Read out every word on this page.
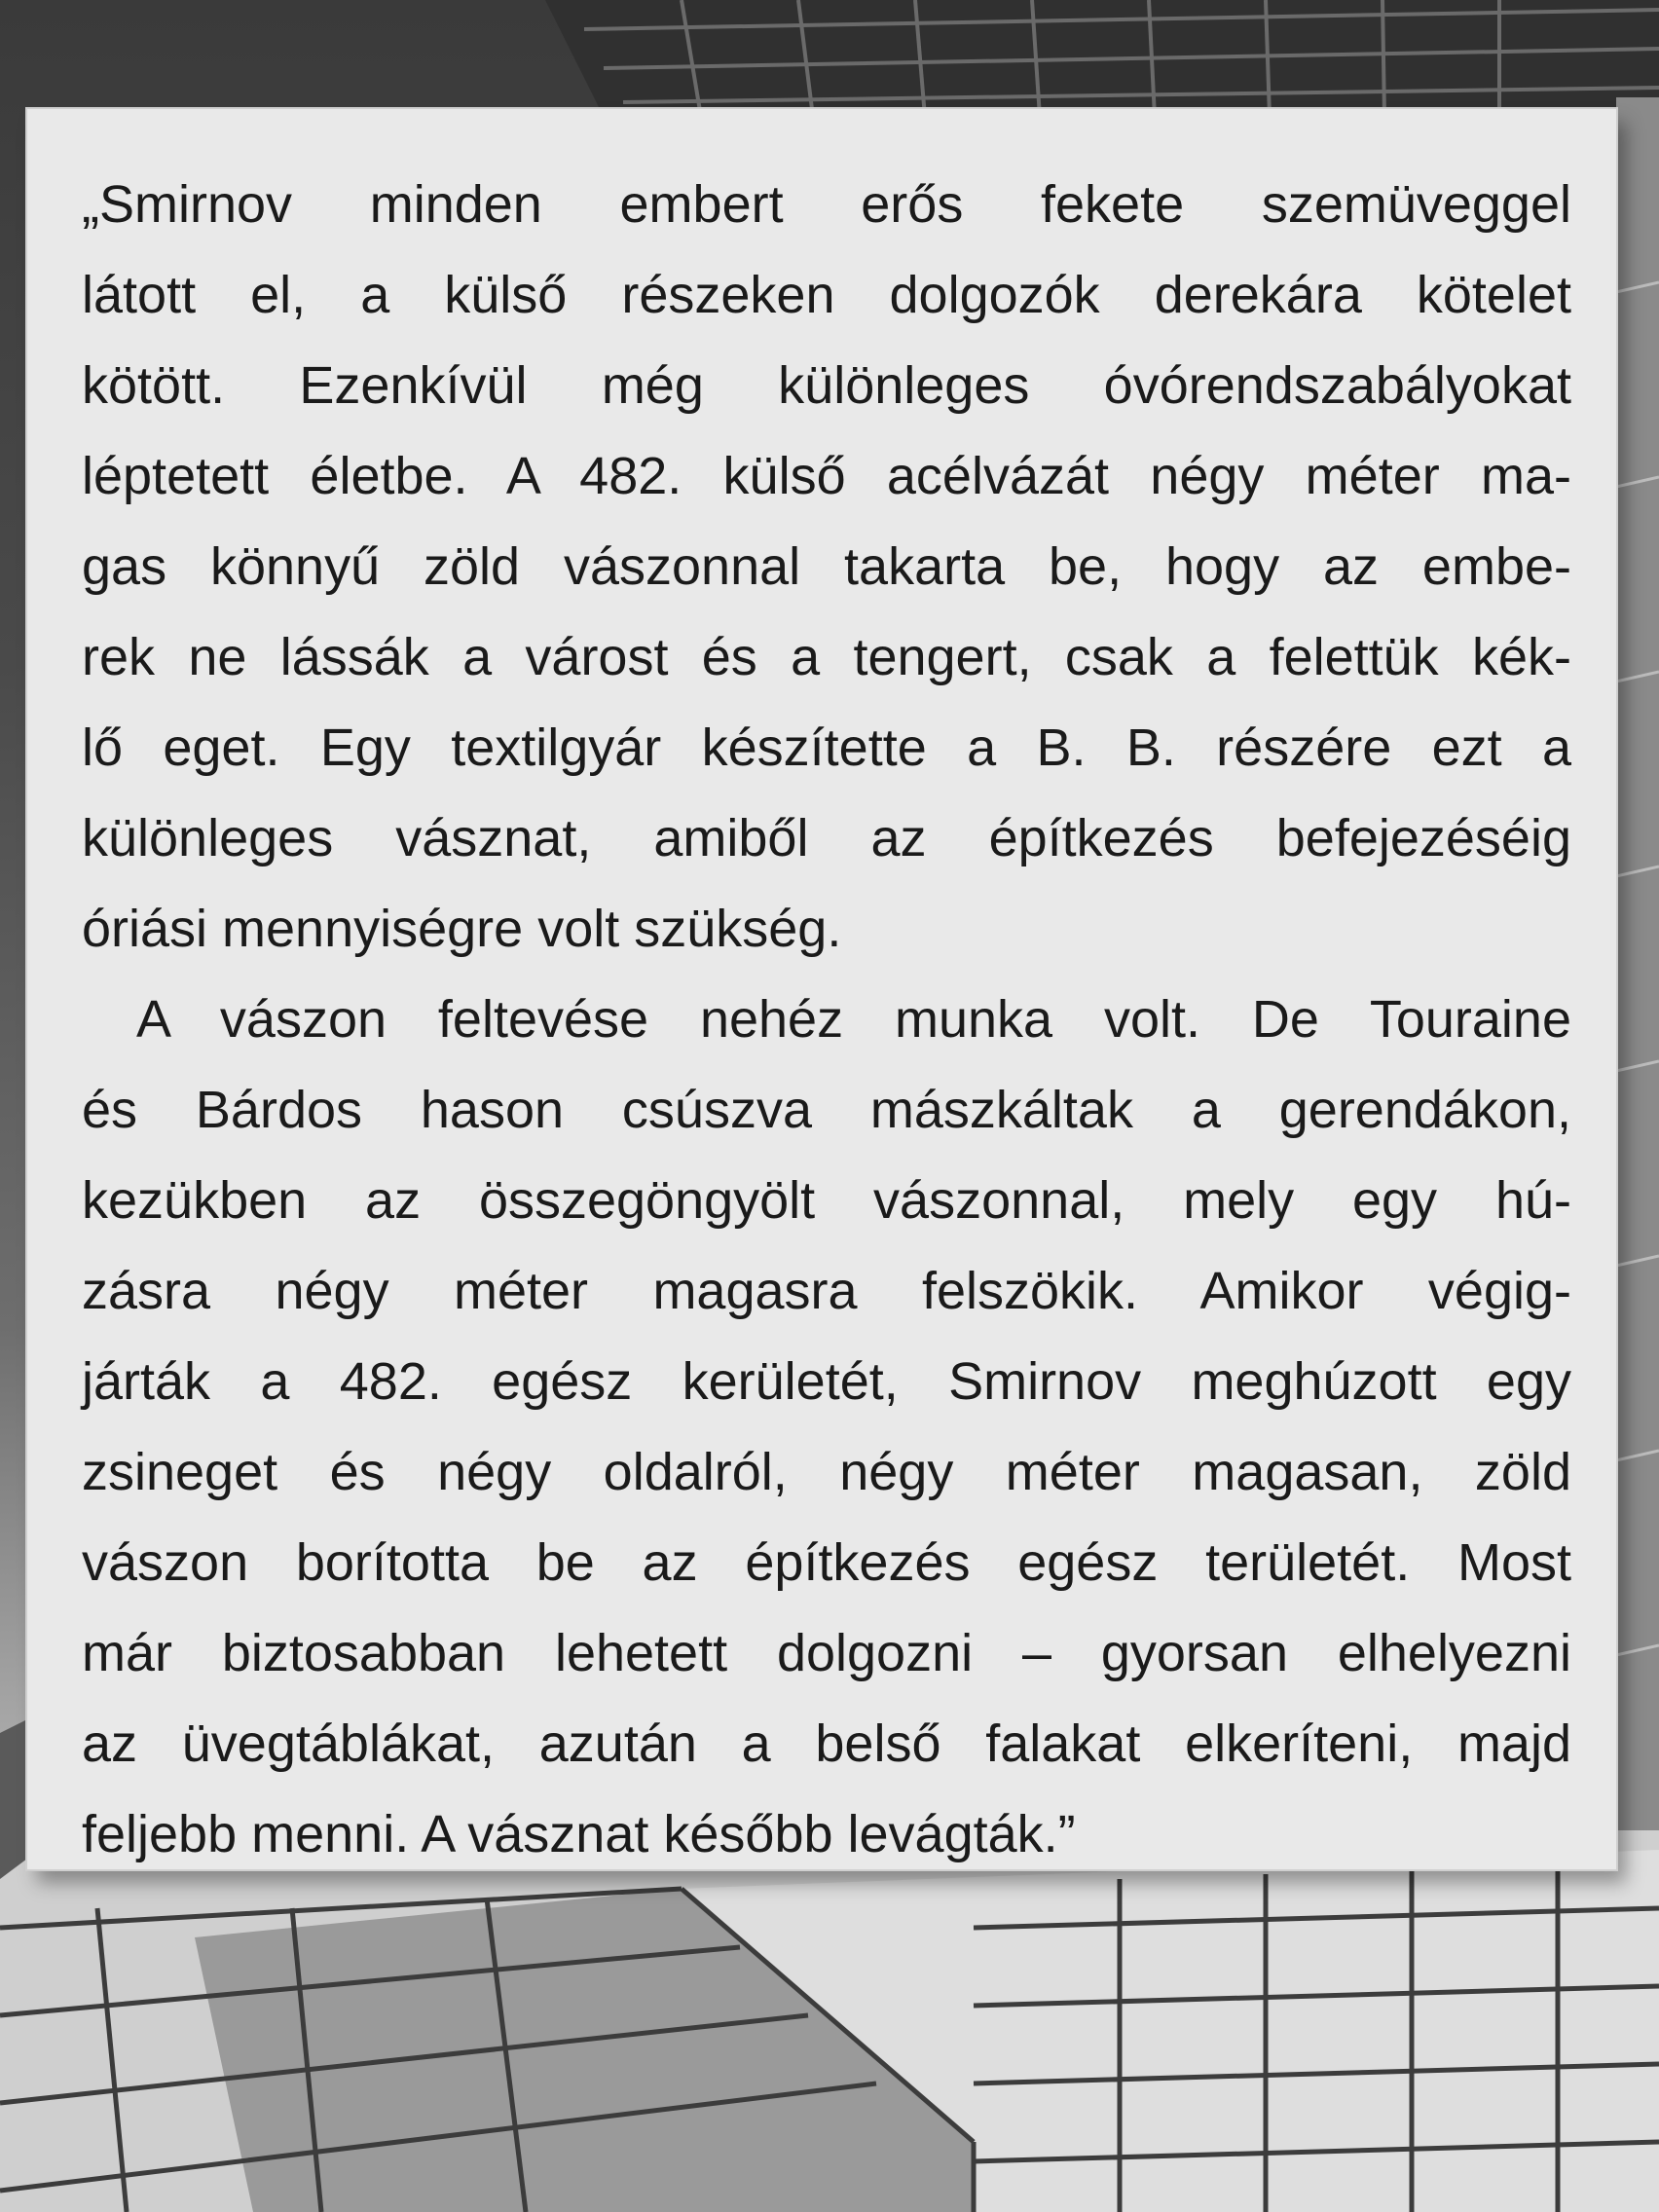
„Smirnov minden embert erős fekete szemüveggel
látott el, a külső részeken dolgozók derekára kötelet
kötött. Ezenkívül még különleges óvórendszabályokat
léptetett életbe. A 482. külső acélvázát négy méter ma-
gas könnyű zöld vászonnal takarta be, hogy az embe-
rek ne lássák a várost és a tengert, csak a felettük kék-
lő eget. Egy textilgyár készítette a B. B. részére ezt a
különleges vásznat, amiből az építkezés befejezéséig
óriási mennyiségre volt szükség.
A vászon feltevése nehéz munka volt. De Touraine
és Bárdos hason csúszva mászkáltak a gerendákon,
kezükben az összegöngyölt vászonnal, mely egy hú-
zásra négy méter magasra felszökik. Amikor végig-
járták a 482. egész kerületét, Smirnov meghúzott egy
zsineget és négy oldalról, négy méter magasan, zöld
vászon borította be az építkezés egész területét. Most
már biztosabban lehetett dolgozni – gyorsan elhelyezni
az üvegtáblákat, azután a belső falakat elkeríteni, majd
feljebb menni. A vásznat később levágták.”
